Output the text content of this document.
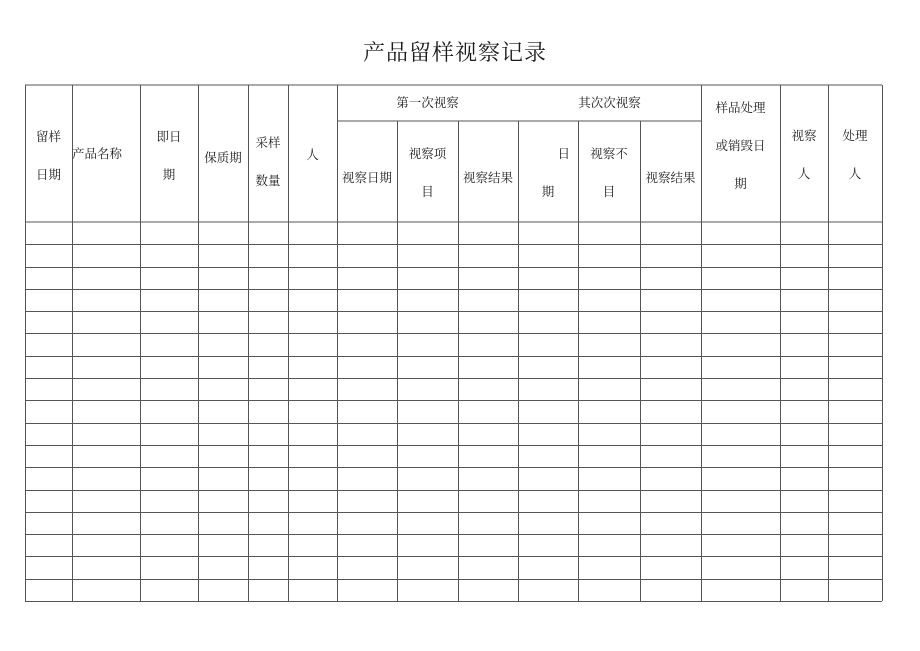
产品留样视察记录
留样
日期
产品名称
即日
期
保质期
采样
数量
人
第一次视察	其次次视察
视察日期
视察项
目
视察结果
日
期
视察不
目
视察结果
样品处理
或销毁日
期
视察
人
处理
人
